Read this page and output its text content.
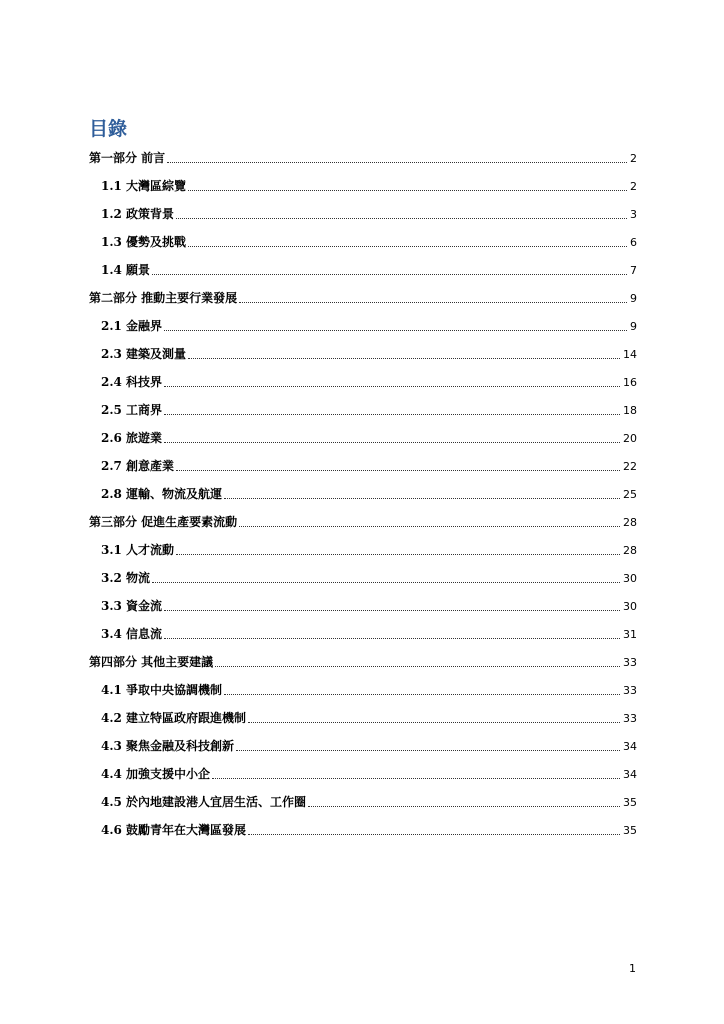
目錄
第一部分 前言	2
1.1 大灣區綜覽	2
1.2 政策背景	3
1.3 優勢及挑戰	6
1.4 願景	7
第二部分 推動主要行業發展	9
2.1 金融界	9
2.3 建築及測量	14
2.4 科技界	16
2.5 工商界	18
2.6 旅遊業	20
2.7 創意產業	22
2.8 運輸、物流及航運	25
第三部分 促進生產要素流動	28
3.1 人才流動	28
3.2 物流	30
3.3 資金流	30
3.4 信息流	31
第四部分 其他主要建議	33
4.1 爭取中央協調機制	33
4.2 建立特區政府跟進機制	33
4.3 聚焦金融及科技創新	34
4.4 加強支援中小企	34
4.5 於內地建設港人宜居生活、工作圈	35
4.6 鼓勵青年在大灣區發展	35
1
